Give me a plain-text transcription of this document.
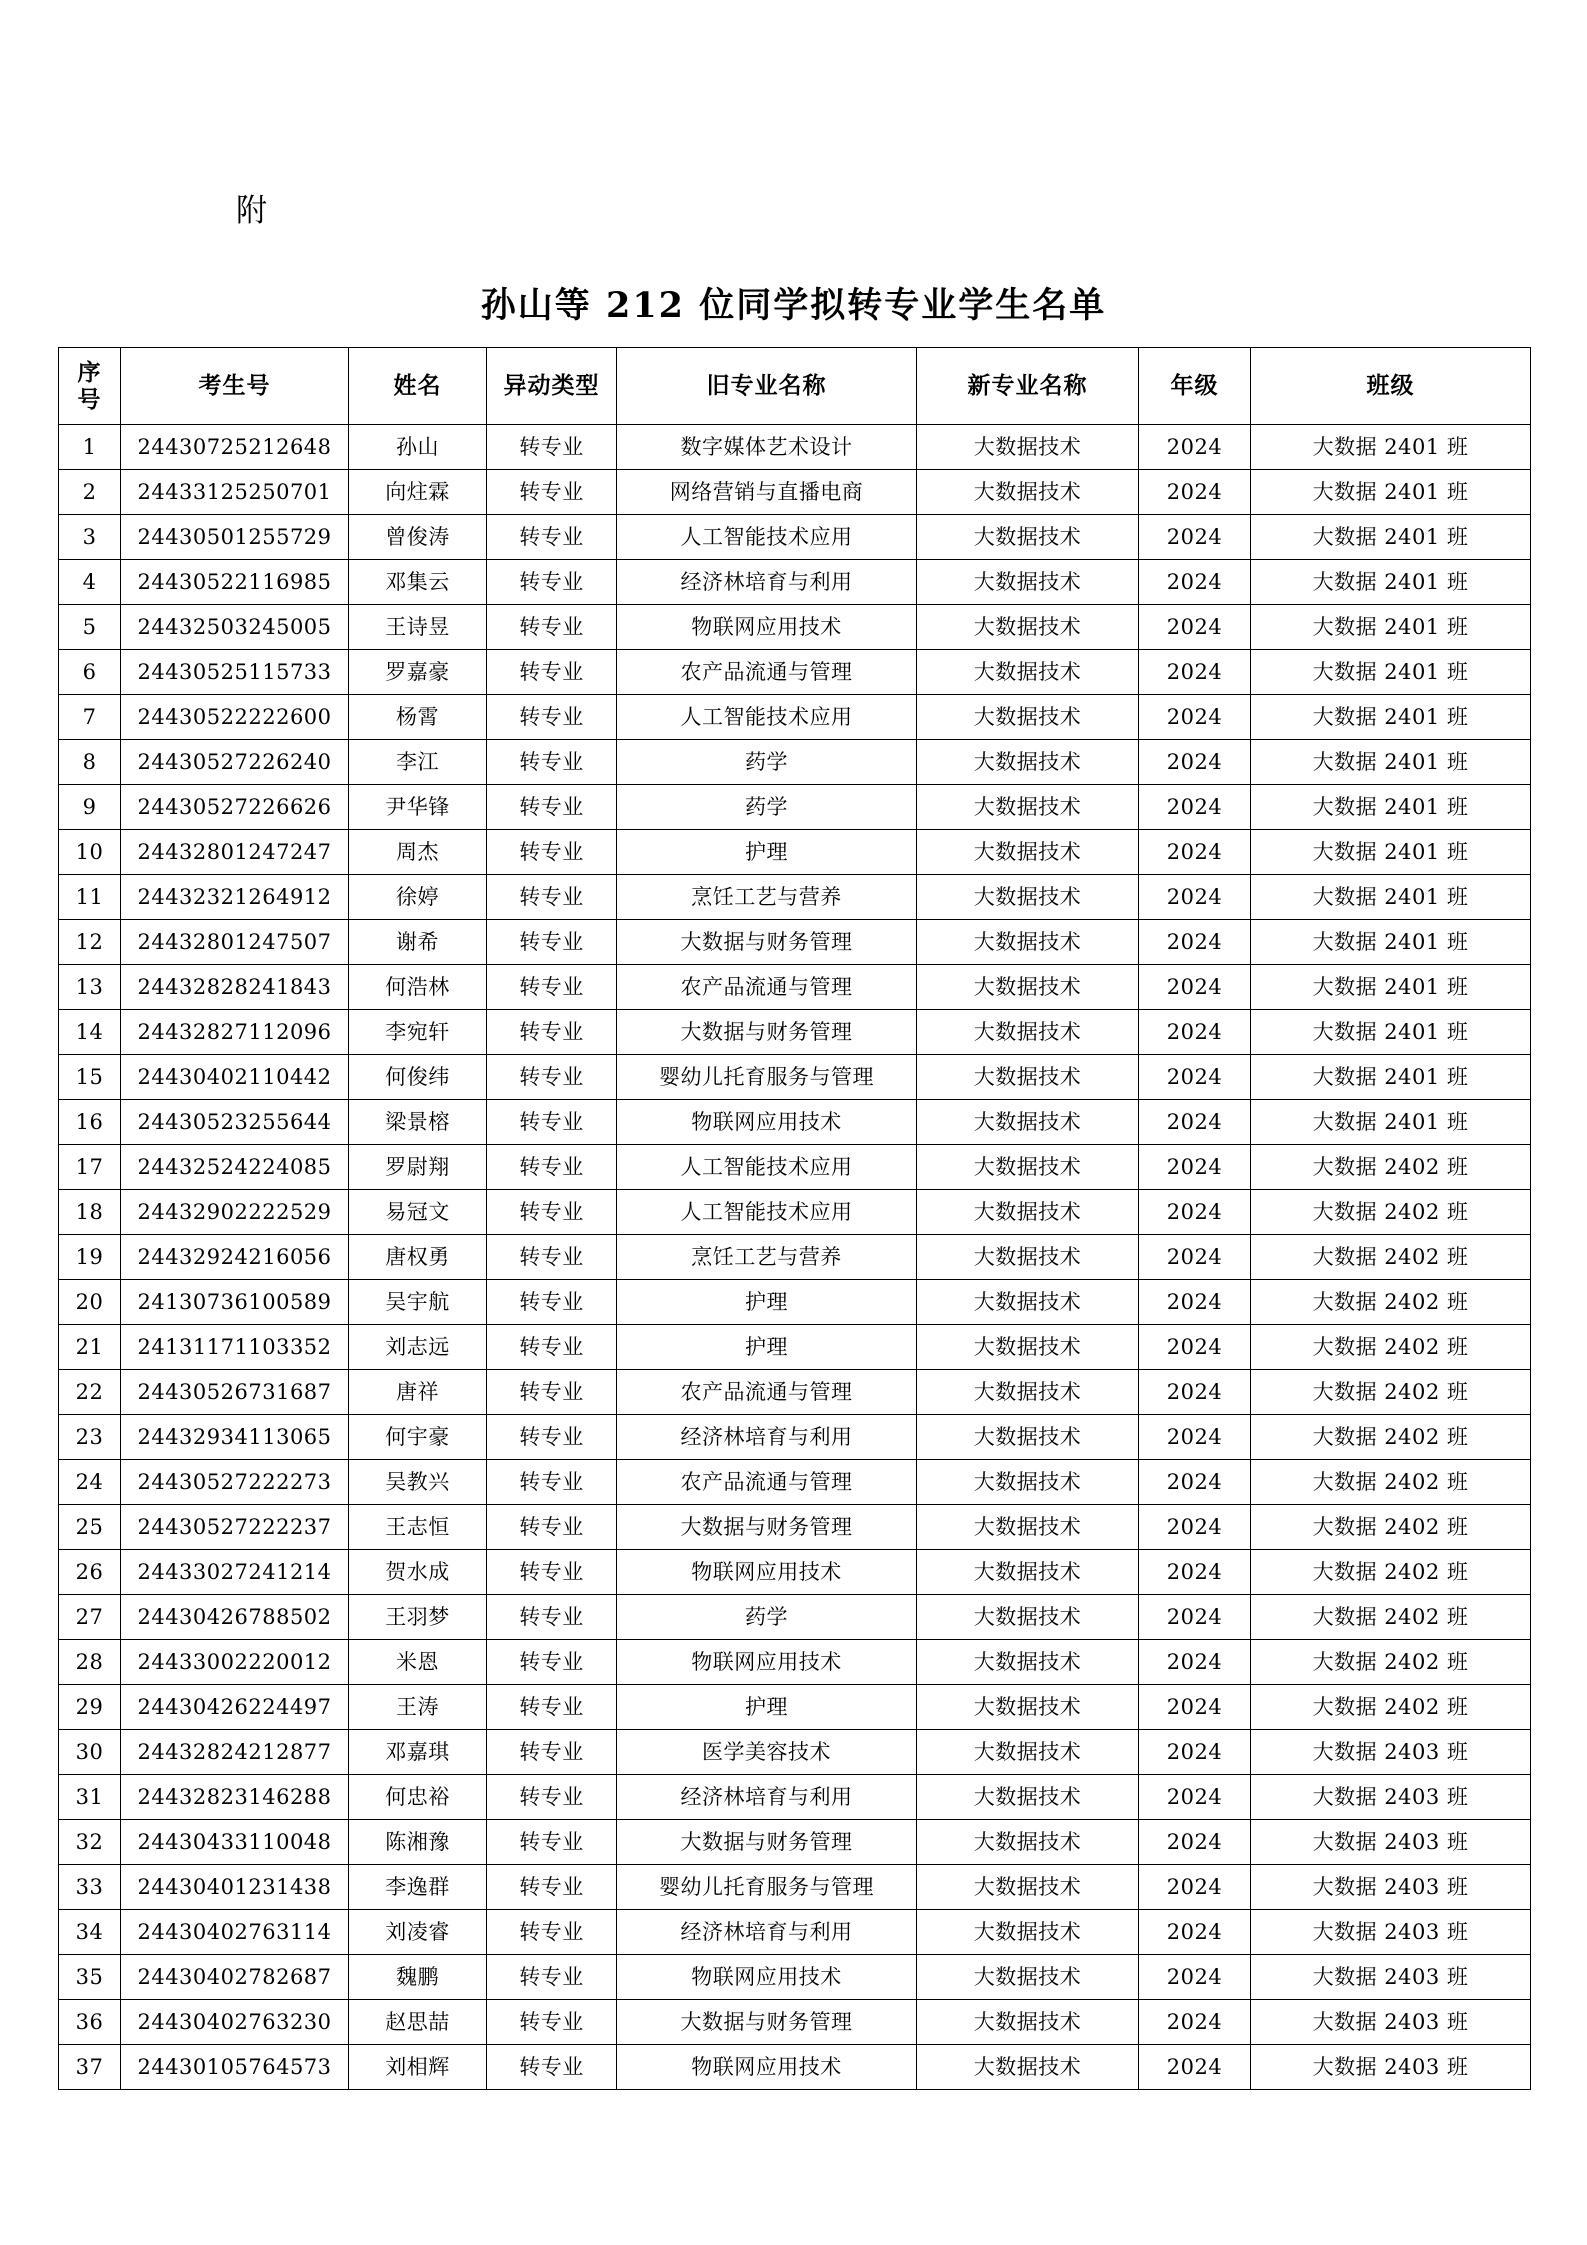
附
孙山等 212 位同学拟转专业学生名单
序
号	考生号	姓名	异动类型	旧专业名称	新专业名称	年级	班级
1	24430725212648	孙山	转专业	数字媒体艺术设计	大数据技术	2024	大数据 2401 班
2	24433125250701	向炷霖	转专业	网络营销与直播电商	大数据技术	2024	大数据 2401 班
3	24430501255729	曾俊涛	转专业	人工智能技术应用	大数据技术	2024	大数据 2401 班
4	24430522116985	邓集云	转专业	经济林培育与利用	大数据技术	2024	大数据 2401 班
5	24432503245005	王诗昱	转专业	物联网应用技术	大数据技术	2024	大数据 2401 班
6	24430525115733	罗嘉豪	转专业	农产品流通与管理	大数据技术	2024	大数据 2401 班
7	24430522222600	杨霄	转专业	人工智能技术应用	大数据技术	2024	大数据 2401 班
8	24430527226240	李江	转专业	药学	大数据技术	2024	大数据 2401 班
9	24430527226626	尹华锋	转专业	药学	大数据技术	2024	大数据 2401 班
10	24432801247247	周杰	转专业	护理	大数据技术	2024	大数据 2401 班
11	24432321264912	徐婷	转专业	烹饪工艺与营养	大数据技术	2024	大数据 2401 班
12	24432801247507	谢希	转专业	大数据与财务管理	大数据技术	2024	大数据 2401 班
13	24432828241843	何浩林	转专业	农产品流通与管理	大数据技术	2024	大数据 2401 班
14	24432827112096	李宛轩	转专业	大数据与财务管理	大数据技术	2024	大数据 2401 班
15	24430402110442	何俊纬	转专业	婴幼儿托育服务与管理	大数据技术	2024	大数据 2401 班
16	24430523255644	梁景榕	转专业	物联网应用技术	大数据技术	2024	大数据 2401 班
17	24432524224085	罗尉翔	转专业	人工智能技术应用	大数据技术	2024	大数据 2402 班
18	24432902222529	易冠文	转专业	人工智能技术应用	大数据技术	2024	大数据 2402 班
19	24432924216056	唐权勇	转专业	烹饪工艺与营养	大数据技术	2024	大数据 2402 班
20	24130736100589	吴宇航	转专业	护理	大数据技术	2024	大数据 2402 班
21	24131171103352	刘志远	转专业	护理	大数据技术	2024	大数据 2402 班
22	24430526731687	唐祥	转专业	农产品流通与管理	大数据技术	2024	大数据 2402 班
23	24432934113065	何宇豪	转专业	经济林培育与利用	大数据技术	2024	大数据 2402 班
24	24430527222273	吴教兴	转专业	农产品流通与管理	大数据技术	2024	大数据 2402 班
25	24430527222237	王志恒	转专业	大数据与财务管理	大数据技术	2024	大数据 2402 班
26	24433027241214	贺水成	转专业	物联网应用技术	大数据技术	2024	大数据 2402 班
27	24430426788502	王羽梦	转专业	药学	大数据技术	2024	大数据 2402 班
28	24433002220012	米恩	转专业	物联网应用技术	大数据技术	2024	大数据 2402 班
29	24430426224497	王涛	转专业	护理	大数据技术	2024	大数据 2402 班
30	24432824212877	邓嘉琪	转专业	医学美容技术	大数据技术	2024	大数据 2403 班
31	24432823146288	何忠裕	转专业	经济林培育与利用	大数据技术	2024	大数据 2403 班
32	24430433110048	陈湘豫	转专业	大数据与财务管理	大数据技术	2024	大数据 2403 班
33	24430401231438	李逸群	转专业	婴幼儿托育服务与管理	大数据技术	2024	大数据 2403 班
34	24430402763114	刘凌睿	转专业	经济林培育与利用	大数据技术	2024	大数据 2403 班
35	24430402782687	魏鹏	转专业	物联网应用技术	大数据技术	2024	大数据 2403 班
36	24430402763230	赵思喆	转专业	大数据与财务管理	大数据技术	2024	大数据 2403 班
37	24430105764573	刘相辉	转专业	物联网应用技术	大数据技术	2024	大数据 2403 班
